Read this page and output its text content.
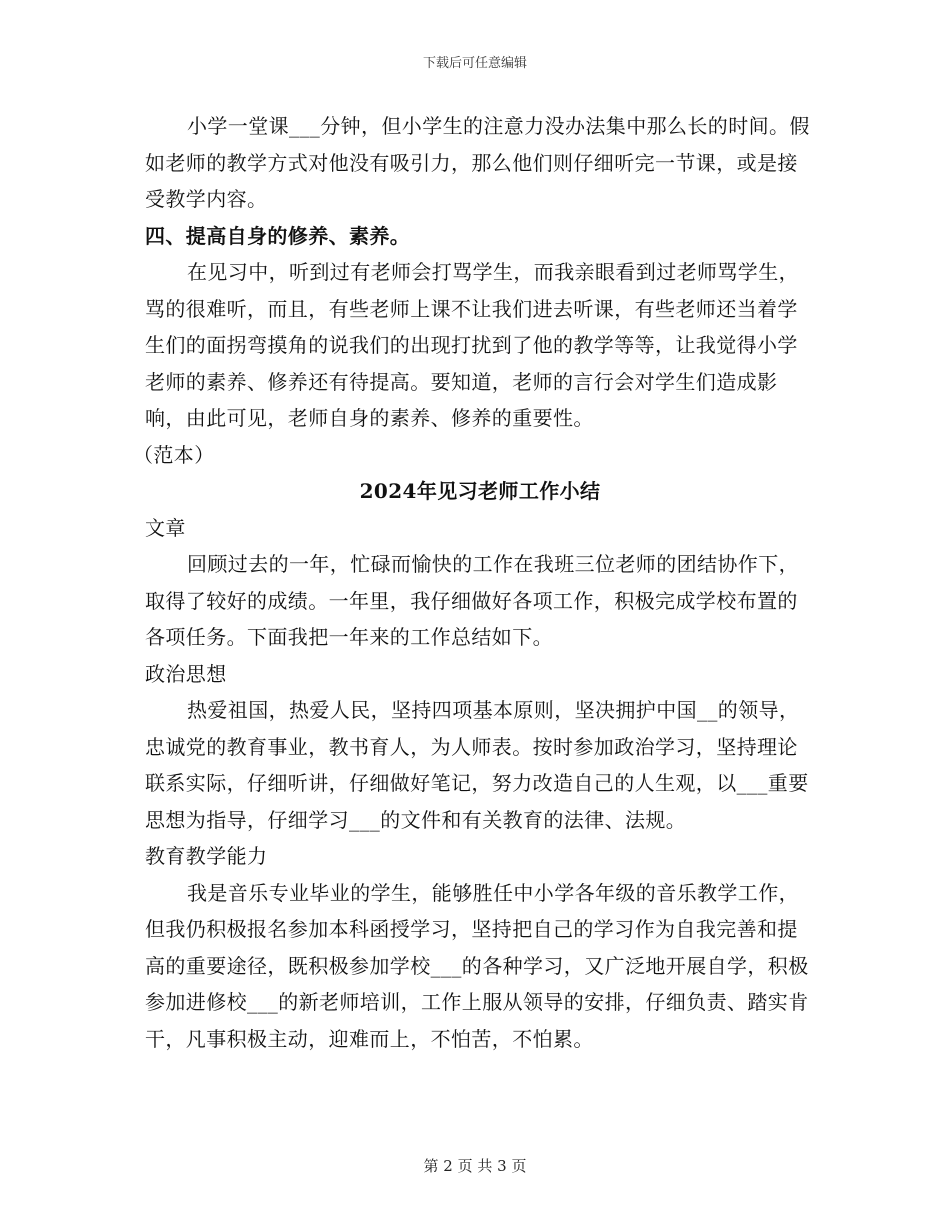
下载后可任意编辑

小学一堂课___分钟，但小学生的注意力没办法集中那么长的时间。假如老师的教学方式对他没有吸引力，那么他们则仔细听完一节课，或是接受教学内容。

四、提高自身的修养、素养。

在见习中，听到过有老师会打骂学生，而我亲眼看到过老师骂学生，骂的很难听，而且，有些老师上课不让我们进去听课，有些老师还当着学生们的面拐弯摸角的说我们的出现打扰到了他的教学等等，让我觉得小学老师的素养、修养还有待提高。要知道，老师的言行会对学生们造成影响，由此可见，老师自身的素养、修养的重要性。

（范本）

2024年见习老师工作小结

文章

回顾过去的一年，忙碌而愉快的工作在我班三位老师的团结协作下，取得了较好的成绩。一年里，我仔细做好各项工作，积极完成学校布置的各项任务。下面我把一年来的工作总结如下。

政治思想

热爱祖国，热爱人民，坚持四项基本原则，坚决拥护中国__的领导，忠诚党的教育事业，教书育人，为人师表。按时参加政治学习，坚持理论联系实际，仔细听讲，仔细做好笔记，努力改造自己的人生观，以___重要思想为指导，仔细学习___的文件和有关教育的法律、法规。

教育教学能力

我是音乐专业毕业的学生，能够胜任中小学各年级的音乐教学工作，但我仍积极报名参加本科函授学习，坚持把自己的学习作为自我完善和提高的重要途径，既积极参加学校___的各种学习，又广泛地开展自学，积极参加进修校___的新老师培训，工作上服从领导的安排，仔细负责、踏实肯干，凡事积极主动，迎难而上，不怕苦，不怕累。

第 2 页 共 3 页
